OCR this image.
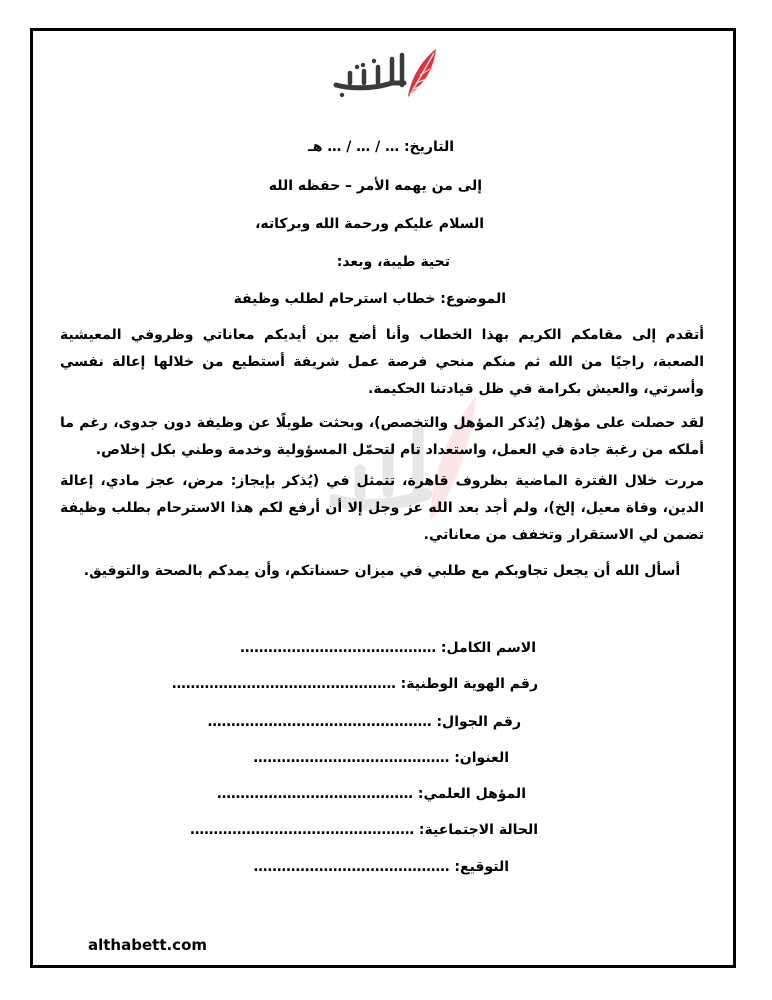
التاريخ: … / … / … هـ
إلى من يهمه الأمر – حفظه الله
السلام عليكم ورحمة الله وبركاته،
تحية طيبة، وبعد:
الموضوع: خطاب استرحام لطلب وظيفة
أتقدم إلى مقامكم الكريم بهذا الخطاب وأنا أضع بين أيديكم معاناتي وظروفي المعيشية الصعبة، راجيًا من الله ثم منكم منحي فرصة عمل شريفة أستطيع من خلالها إعالة نفسي وأسرتي، والعيش بكرامة في ظل قيادتنا الحكيمة.
لقد حصلت على مؤهل (يُذكر المؤهل والتخصص)، وبحثت طويلًا عن وظيفة دون جدوى، رغم ما أملكه من رغبة جادة في العمل، واستعداد تام لتحمّل المسؤولية وخدمة وطني بكل إخلاص.
مررت خلال الفترة الماضية بظروف قاهرة، تتمثل في (يُذكر بإيجاز: مرض، عجز مادي، إعالة الدين، وفاة معيل، إلخ)، ولم أجد بعد الله عز وجل إلا أن أرفع لكم هذا الاسترحام بطلب وظيفة تضمن لي الاستقرار وتخفف من معاناتي.
أسأل الله أن يجعل تجاوبكم مع طلبي في ميزان حسناتكم، وأن يمدكم بالصحة والتوفيق.
الاسم الكامل: ……………………………………
رقم الهوية الوطنية: …………………………………………
رقم الجوال: …………………………………………
العنوان: ……………………………………
المؤهل العلمي: ……………………………………
الحالة الاجتماعية: …………………………………………
التوقيع: ……………………………………
althabett.com
